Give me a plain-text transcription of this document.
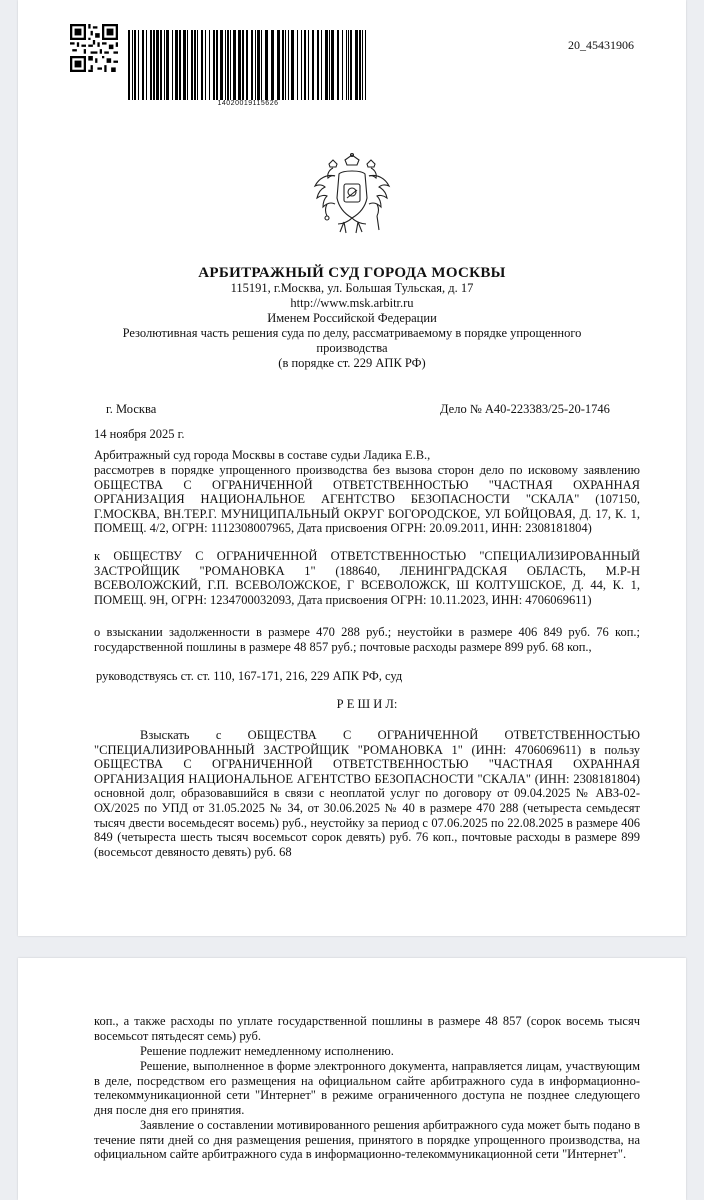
14020019115626
20_45431906
АРБИТРАЖНЫЙ СУД ГОРОДА МОСКВЫ
115191, г.Москва, ул. Большая Тульская, д. 17
http://www.msk.arbitr.ru
Именем Российской Федерации
Резолютивная часть решения суда по делу, рассматриваемому в порядке упрощенного
производства
(в порядке ст. 229 АПК РФ)
г. Москва	Дело № А40-223383/25-20-1746
14 ноября 2025 г.
Арбитражный суд города Москвы в составе судьи Ладика Е.В.,
рассмотрев в порядке упрощенного производства без вызова сторон дело по исковому заявлению ОБЩЕСТВА С ОГРАНИЧЕННОЙ ОТВЕТСТВЕННОСТЬЮ "ЧАСТНАЯ ОХРАННАЯ ОРГАНИЗАЦИЯ НАЦИОНАЛЬНОЕ АГЕНТСТВО БЕЗОПАСНОСТИ "СКАЛА" (107150, Г.МОСКВА, ВН.ТЕР.Г. МУНИЦИПАЛЬНЫЙ ОКРУГ БОГОРОДСКОЕ, УЛ БОЙЦОВАЯ, Д. 17, К. 1, ПОМЕЩ. 4/2, ОГРН: 1112308007965, Дата присвоения ОГРН: 20.09.2011, ИНН: 2308181804)
к ОБЩЕСТВУ С ОГРАНИЧЕННОЙ ОТВЕТСТВЕННОСТЬЮ "СПЕЦИАЛИЗИРОВАННЫЙ ЗАСТРОЙЩИК "РОМАНОВКА 1" (188640, ЛЕНИНГРАДСКАЯ ОБЛАСТЬ, М.Р-Н ВСЕВОЛОЖСКИЙ, Г.П. ВСЕВОЛОЖСКОЕ, Г ВСЕВОЛОЖСК, Ш КОЛТУШСКОЕ, Д. 44, К. 1, ПОМЕЩ. 9Н, ОГРН: 1234700032093, Дата присвоения ОГРН: 10.11.2023, ИНН: 4706069611)
о взыскании задолженности в размере 470 288 руб.; неустойки в размере 406 849 руб. 76 коп.; государственной пошлины в размере 48 857 руб.; почтовые расходы размере 899 руб. 68 коп.,
руководствуясь ст. ст. 110, 167-171, 216, 229 АПК РФ, суд
Р Е Ш И Л:
Взыскать с ОБЩЕСТВА С ОГРАНИЧЕННОЙ ОТВЕТСТВЕННОСТЬЮ "СПЕЦИАЛИЗИРОВАННЫЙ ЗАСТРОЙЩИК "РОМАНОВКА 1" (ИНН: 4706069611) в пользу ОБЩЕСТВА С ОГРАНИЧЕННОЙ ОТВЕТСТВЕННОСТЬЮ "ЧАСТНАЯ ОХРАННАЯ ОРГАНИЗАЦИЯ НАЦИОНАЛЬНОЕ АГЕНТСТВО БЕЗОПАСНОСТИ "СКАЛА" (ИНН: 2308181804) основной долг, образовавшийся в связи с неоплатой услуг по договору от 09.04.2025 № АВЗ-02-ОХ/2025 по УПД от 31.05.2025 № 34, от 30.06.2025 № 40 в размере 470 288 (четыреста семьдесят тысяч двести восемьдесят восемь) руб., неустойку за период с 07.06.2025 по 22.08.2025 в размере 406 849 (четыреста шесть тысяч восемьсот сорок девять) руб. 76 коп., почтовые расходы в размере 899 (восемьсот девяносто девять) руб. 68
коп., а также расходы по уплате государственной пошлины в размере 48 857 (сорок восемь тысяч восемьсот пятьдесят семь) руб.
Решение подлежит немедленному исполнению.
Решение, выполненное в форме электронного документа, направляется лицам, участвующим в деле, посредством его размещения на официальном сайте арбитражного суда в информационно-телекоммуникационной сети "Интернет" в режиме ограниченного доступа не позднее следующего дня после дня его принятия.
Заявление о составлении мотивированного решения арбитражного суда может быть подано в течение пяти дней со дня размещения решения, принятого в порядке упрощенного производства, на официальном сайте арбитражного суда в информационно-телекоммуникационной сети "Интернет".
